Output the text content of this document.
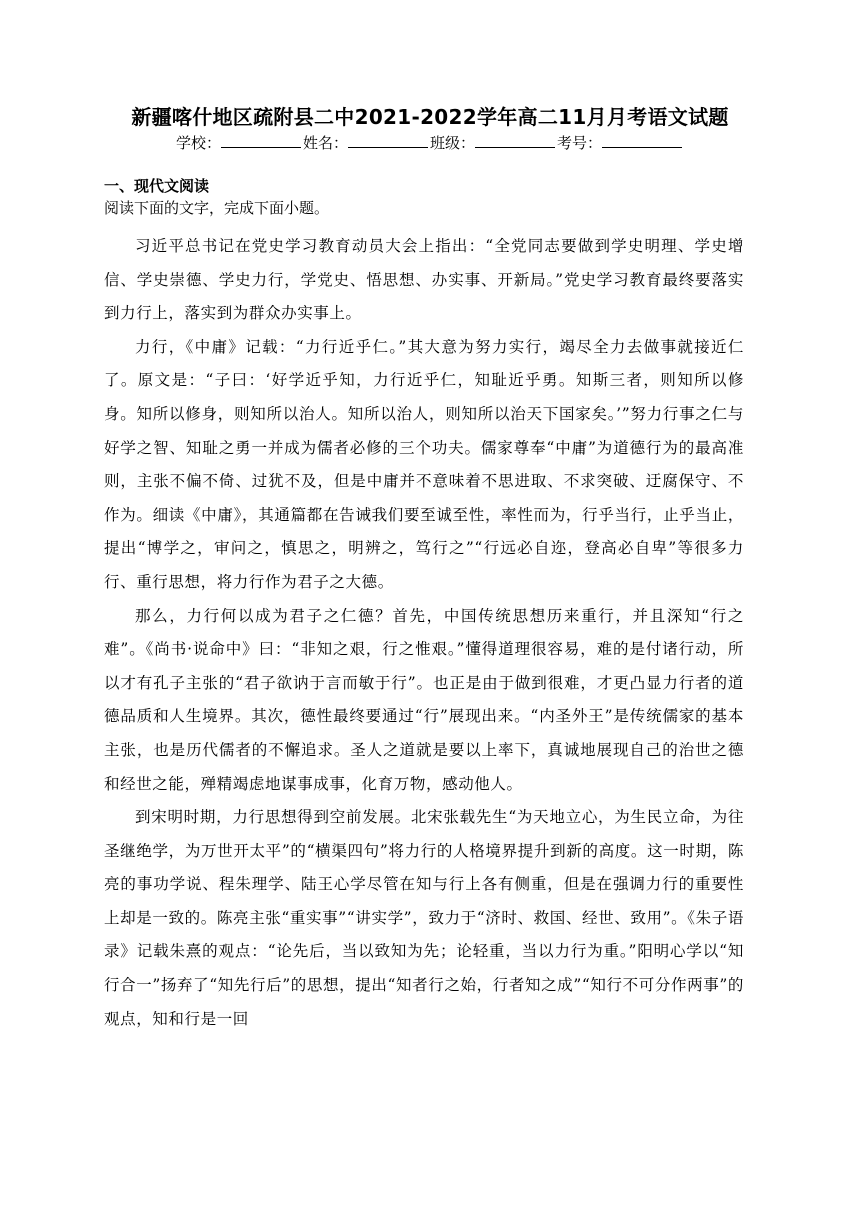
新疆喀什地区疏附县二中2021-2022学年高二11月月考语文试题
学校：	姓名：	班级：	考号：
一、现代文阅读
阅读下面的文字，完成下面小题。

习近平总书记在党史学习教育动员大会上指出：“全党同志要做到学史明理、学史增信、学史崇德、学史力行，学党史、悟思想、办实事、开新局。”党史学习教育最终要落实到力行上，落实到为群众办实事上。

力行，《中庸》记载：“力行近乎仁。”其大意为努力实行，竭尽全力去做事就接近仁了。原文是：“子曰：‘好学近乎知，力行近乎仁，知耻近乎勇。知斯三者，则知所以修身。知所以修身，则知所以治人。知所以治人，则知所以治天下国家矣。’”努力行事之仁与好学之智、知耻之勇一并成为儒者必修的三个功夫。儒家尊奉“中庸”为道德行为的最高准则，主张不偏不倚、过犹不及，但是中庸并不意味着不思进取、不求突破、迂腐保守、不作为。细读《中庸》，其通篇都在告诫我们要至诚至性，率性而为，行乎当行，止乎当止，提出“博学之，审问之，慎思之，明辨之，笃行之”“行远必自迩，登高必自卑”等很多力行、重行思想，将力行作为君子之大德。

那么，力行何以成为君子之仁德？首先，中国传统思想历来重行，并且深知“行之难”。《尚书·说命中》曰：“非知之艰，行之惟艰。”懂得道理很容易，难的是付诸行动，所以才有孔子主张的“君子欲讷于言而敏于行”。也正是由于做到很难，才更凸显力行者的道德品质和人生境界。其次，德性最终要通过“行”展现出来。“内圣外王”是传统儒家的基本主张，也是历代儒者的不懈追求。圣人之道就是要以上率下，真诚地展现自己的治世之德和经世之能，殚精竭虑地谋事成事，化育万物，感动他人。

到宋明时期，力行思想得到空前发展。北宋张载先生“为天地立心，为生民立命，为往圣继绝学，为万世开太平”的“横渠四句”将力行的人格境界提升到新的高度。这一时期，陈亮的事功学说、程朱理学、陆王心学尽管在知与行上各有侧重，但是在强调力行的重要性上却是一致的。陈亮主张“重实事”“讲实学”，致力于“济时、救国、经世、致用”。《朱子语录》记载朱熹的观点：“论先后，当以致知为先；论轻重，当以力行为重。”阳明心学以“知行合一”扬弃了“知先行后”的思想，提出“知者行之始，行者知之成”“知行不可分作两事”的观点，知和行是一回
